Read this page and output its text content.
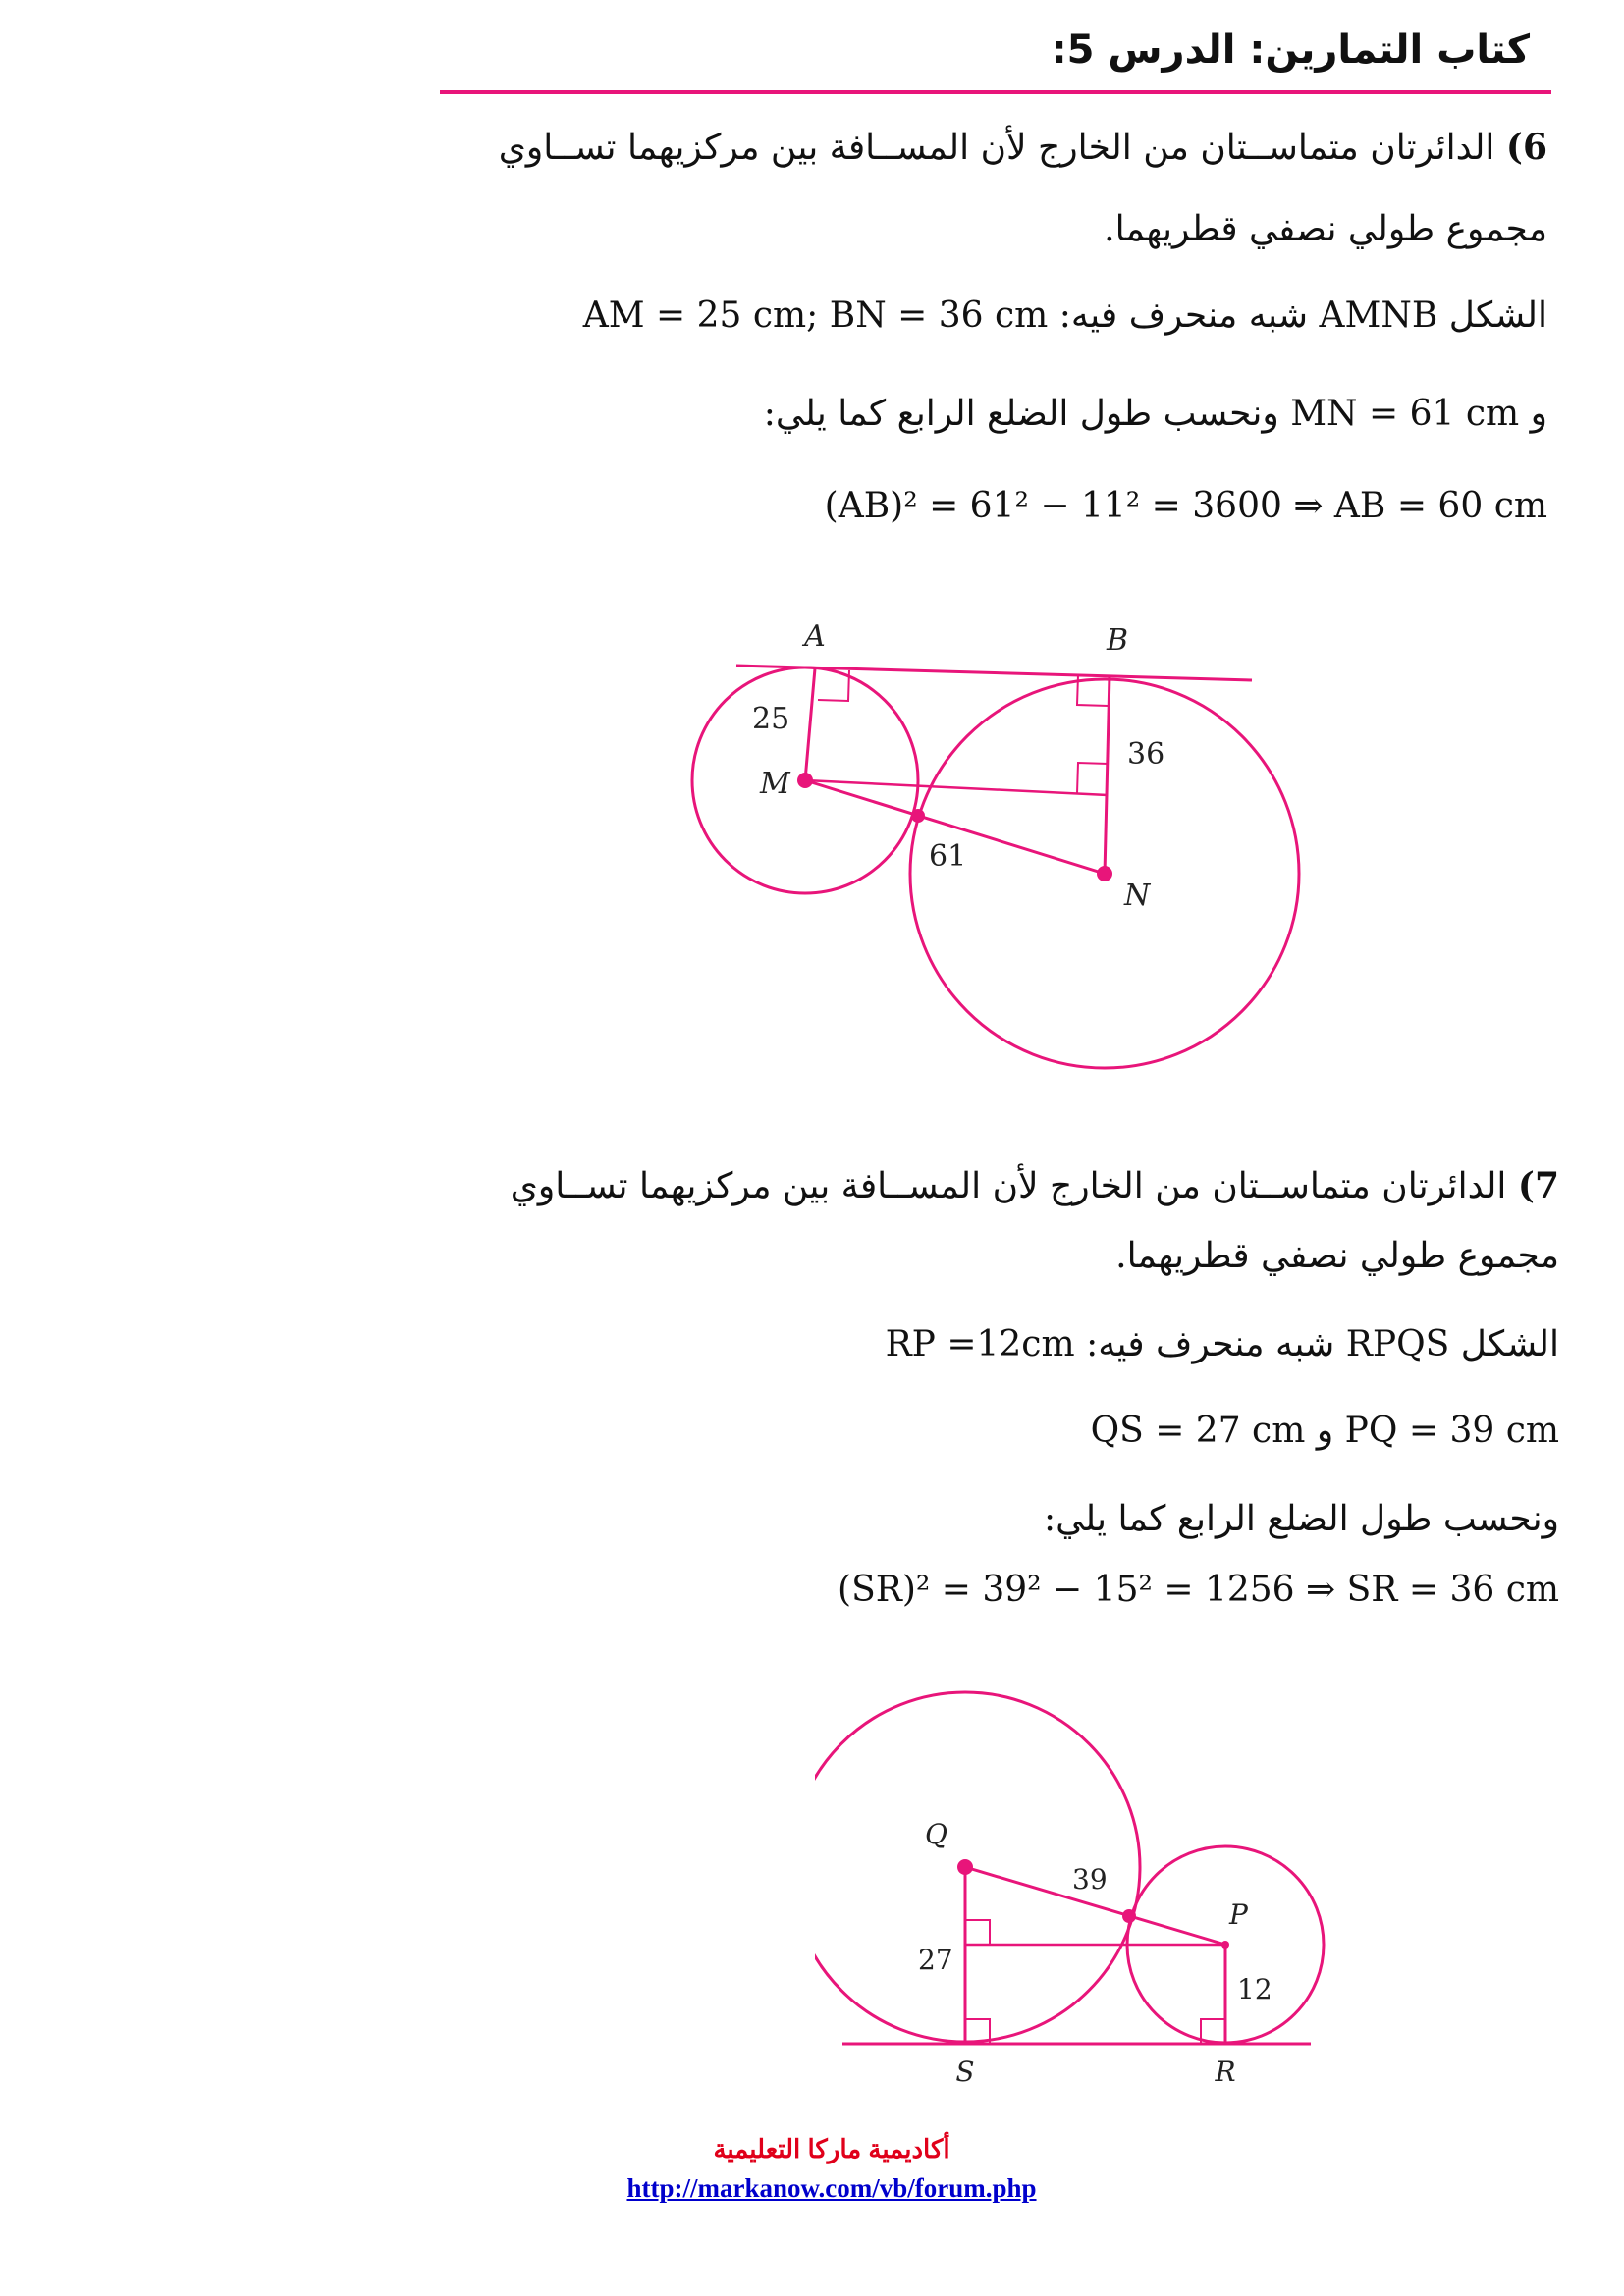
كتاب التمارين: الدرس 5:
6) الدائرتان متماســتان من الخارج لأن المســافة بين مركزيهما تســاوي
مجموع طولي نصفي قطريهما.
الشكل AMNB شبه منحرف فيه: AM = 25 cm; BN = 36 cm
و MN = 61 cm ونحسب طول الضلع الرابع كما يلي:
(AB)² = 61² − 11² = 3600 ⇒ AB = 60 cm
A	B
M
N
25
36
61
7) الدائرتان متماســتان من الخارج لأن المســافة بين مركزيهما تســاوي
مجموع طولي نصفي قطريهما.
الشكل RPQS شبه منحرف فيه: RP =12cm
PQ = 39 cm و QS = 27 cm
ونحسب طول الضلع الرابع كما يلي:
(SR)² = 39² − 15² = 1256 ⇒ SR = 36 cm
Q
P
S	R
27
12
39
أكاديمية ماركا التعليمية
http://markanow.com/vb/forum.php
